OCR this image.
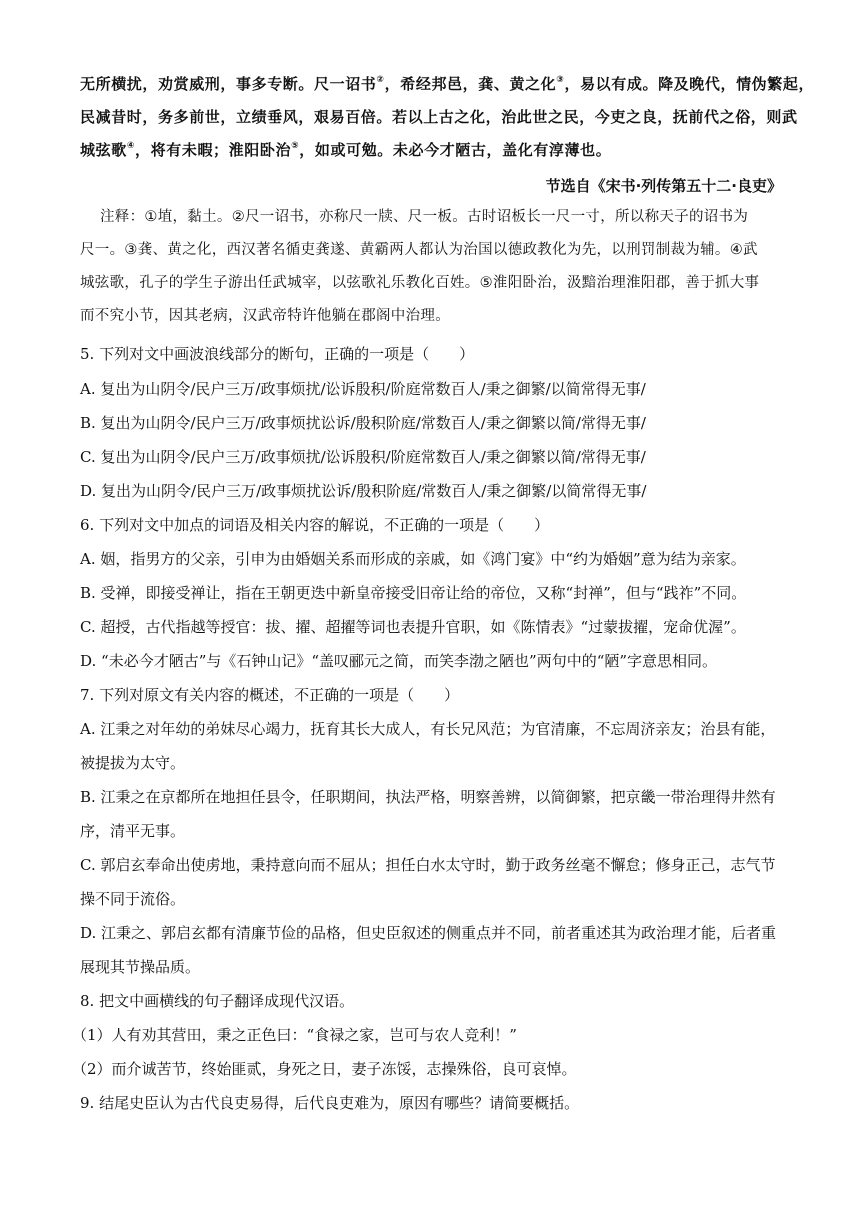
无所横扰，劝赏威刑，事多专断。尺一诏书②，希经邦邑，龚、黄之化③，易以有成。降及晚代，情伪繁起，
民减昔时，务多前世，立绩垂风，艰易百倍。若以上古之化，治此世之民，今吏之良，抚前代之俗，则武
城弦歌④，将有未暇；淮阳卧治⑤，如或可勉。未必今才陋古，盖化有淳薄也。
节选自《宋书·列传第五十二·良吏》
注释：①埴，黏土。②尺一诏书，亦称尺一牍、尺一板。古时诏板长一尺一寸，所以称天子的诏书为
尺一。③龚、黄之化，西汉著名循吏龚遂、黄霸两人都认为治国以德政教化为先，以刑罚制裁为辅。④武
城弦歌，孔子的学生子游出任武城宰，以弦歌礼乐教化百姓。⑤淮阳卧治，汲黯治理淮阳郡，善于抓大事
而不究小节，因其老病，汉武帝特许他躺在郡阁中治理。
5. 下列对文中画波浪线部分的断句，正确的一项是（　　）
A. 复出为山阴令/民户三万/政事烦扰/讼诉殷积/阶庭常数百人/秉之御繁/以简常得无事/
B. 复出为山阴令/民户三万/政事烦扰讼诉/殷积阶庭/常数百人/秉之御繁以简/常得无事/
C. 复出为山阴令/民户三万/政事烦扰/讼诉殷积/阶庭常数百人/秉之御繁以简/常得无事/
D. 复出为山阴令/民户三万/政事烦扰讼诉/殷积阶庭/常数百人/秉之御繁/以简常得无事/
6. 下列对文中加点的词语及相关内容的解说，不正确的一项是（　　）
A. 姻，指男方的父亲，引申为由婚姻关系而形成的亲戚，如《鸿门宴》中“约为婚姻”意为结为亲家。
B. 受禅，即接受禅让，指在王朝更迭中新皇帝接受旧帝让给的帝位，又称“封禅”，但与“践祚”不同。
C. 超授，古代指越等授官：拔、擢、超擢等词也表提升官职，如《陈情表》“过蒙拔擢，宠命优渥”。
D. “未必今才陋古”与《石钟山记》“盖叹郦元之简，而笑李渤之陋也”两句中的“陋”字意思相同。
7. 下列对原文有关内容的概述，不正确的一项是（　　）
A. 江秉之对年幼的弟妹尽心竭力，抚育其长大成人，有长兄风范；为官清廉，不忘周济亲友；治县有能，
被提拔为太守。
B. 江秉之在京都所在地担任县令，任职期间，执法严格，明察善辨，以简御繁，把京畿一带治理得井然有
序，清平无事。
C. 郭启玄奉命出使虏地，秉持意向而不屈从；担任白水太守时，勤于政务丝毫不懈怠；修身正己，志气节
操不同于流俗。
D. 江秉之、郭启玄都有清廉节俭的品格，但史臣叙述的侧重点并不同，前者重述其为政治理才能，后者重
展现其节操品质。
8. 把文中画横线的句子翻译成现代汉语。
（1）人有劝其营田，秉之正色曰：“食禄之家，岂可与农人竞利！”
（2）而介诚苦节，终始匪贰，身死之日，妻子冻馁，志操殊俗，良可哀悼。
9. 结尾史臣认为古代良吏易得，后代良吏难为，原因有哪些？请简要概括。
